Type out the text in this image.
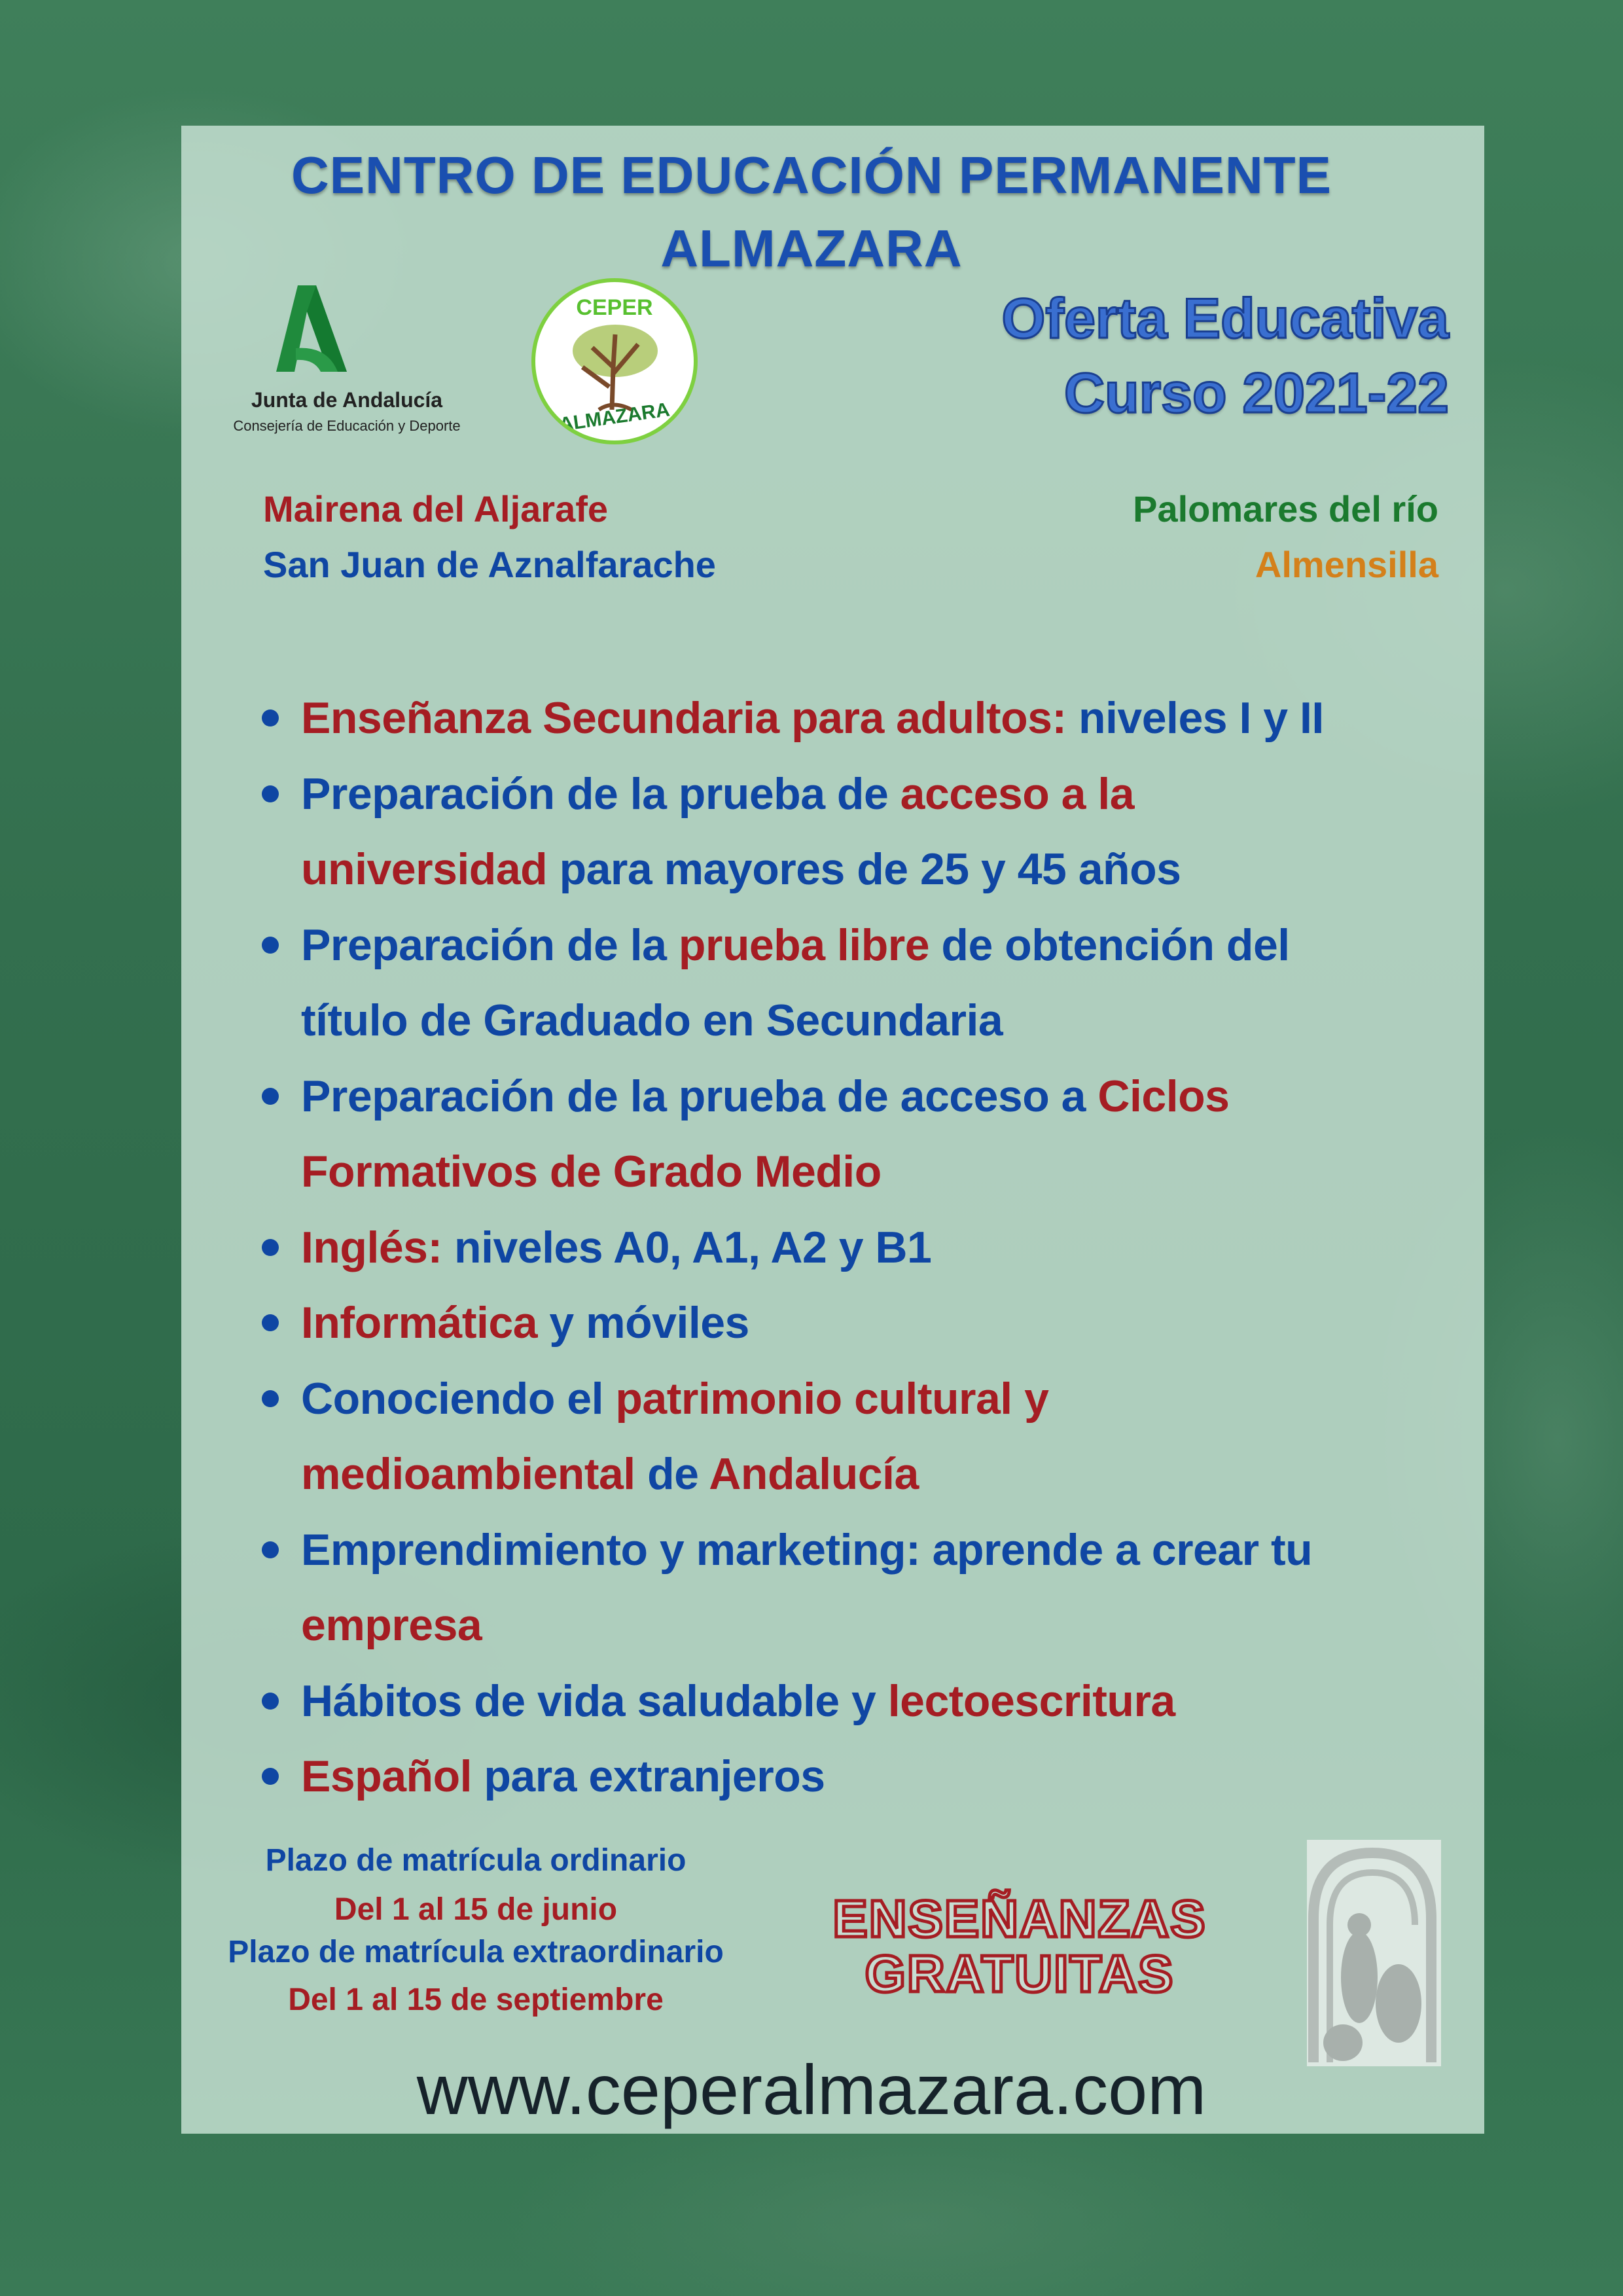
CENTRO DE EDUCACIÓN PERMANENTE
ALMAZARA
Junta de Andalucía
Consejería de Educación y Deporte
CEPER
ALMAZARA
Oferta Educativa
Curso 2021-22
Mairena del Aljarafe
San Juan de Aznalfarache
Palomares del río
Almensilla
Enseñanza Secundaria para adultos: niveles I y II
Preparación de la prueba de acceso a la
universidad para mayores de 25 y 45 años
Preparación de la prueba libre de obtención del
título de Graduado en Secundaria
Preparación de la prueba de acceso a Ciclos
Formativos de Grado Medio
Inglés: niveles A0, A1, A2 y B1
Informática y móviles
Conociendo el patrimonio cultural y
medioambiental de Andalucía
Emprendimiento y marketing: aprende a crear tu
empresa
Hábitos de vida saludable y lectoescritura
Español para extranjeros
Plazo de matrícula ordinario
Del 1 al 15 de junio
Plazo de matrícula extraordinario
Del 1 al 15 de septiembre
ENSEÑANZAS
GRATUITAS
www.ceperalmazara.com
